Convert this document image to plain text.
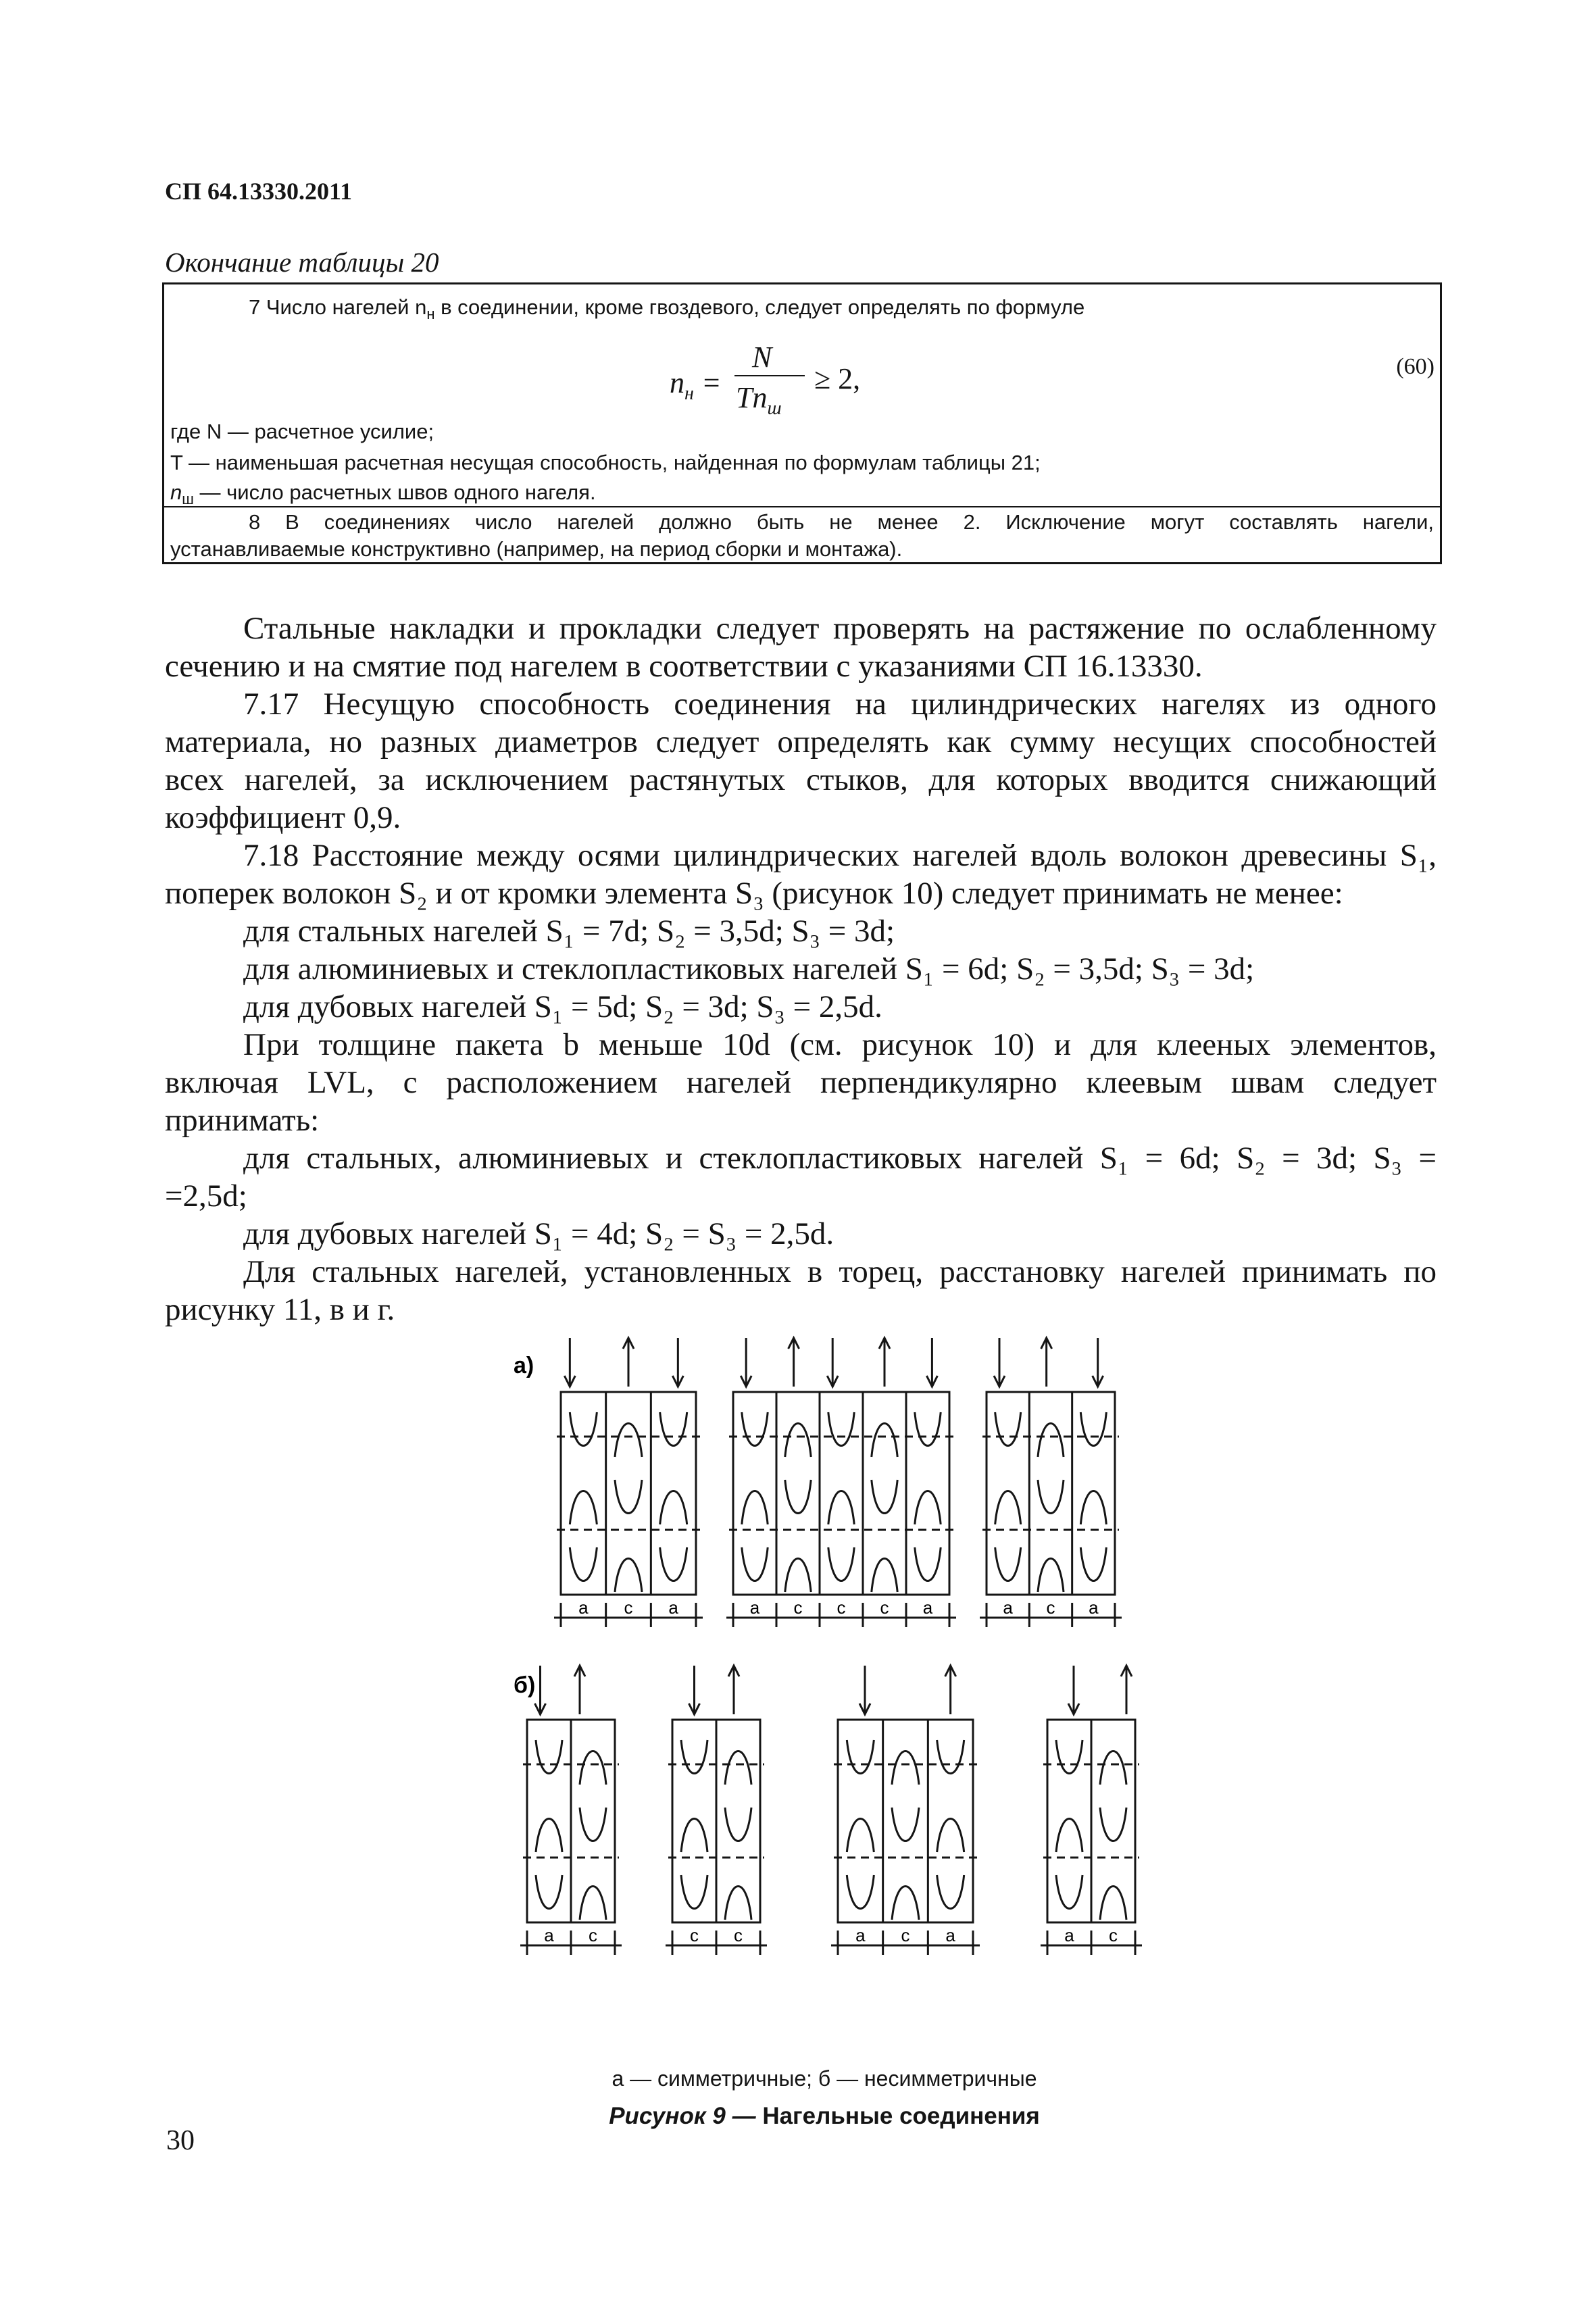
СП 64.13330.2011
Окончание таблицы 20
7 Число нагелей $n_н$ в соединении, кроме гвоздевого, следует определять по формуле
$n_н$ =
N
$Tn_ш$
≥ 2,	(60)
где N — расчетное усилие;
T — наименьшая расчетная несущая способность, найденная по формулам таблицы 21;
$n_ш$ — число расчетных швов одного нагеля.
8 В соединениях число нагелей должно быть не менее 2. Исключение могут составлять нагели,
устанавливаемые конструктивно (например, на период сборки и монтажа).
Стальные накладки и прокладки следует проверять на растяжение по ослабленному
сечению и на смятие под нагелем в соответствии с указаниями СП 16.13330.
7.17 Несущую способность соединения на цилиндрических нагелях из одного
материала, но разных диаметров следует определять как сумму несущих способностей
всех нагелей, за исключением растянутых стыков, для которых вводится снижающий
коэффициент 0,9.
7.18 Расстояние между осями цилиндрических нагелей вдоль волокон древесины S₁,
поперек волокон S₂ и от кромки элемента S₃ (рисунок 10) следует принимать не менее:
для стальных нагелей S₁ = 7d; S₂ = 3,5d; S₃ = 3d;
для алюминиевых и стеклопластиковых нагелей S₁ = 6d; S₂ = 3,5d; S₃ = 3d;
для дубовых нагелей S₁ = 5d; S₂ = 3d; S₃ = 2,5d.
При толщине пакета b меньше 10d (см. рисунок 10) и для клееных элементов,
включая LVL, с расположением нагелей перпендикулярно клеевым швам следует
принимать:
для стальных, алюминиевых и стеклопластиковых нагелей S₁ = 6d; S₂ = 3d; S₃ =
=2,5d;
для дубовых нагелей S₁ = 4d; S₂ = S₃ = 2,5d.
Для стальных нагелей, установленных в торец, расстановку нагелей принимать по
рисунку 11, в и г.
а)
a c a	a c c c a	a c a
б)
a c	c c	a c a	a c
а — симметричные; б — несимметричные
Рисунок 9 — Нагельные соединения
30
